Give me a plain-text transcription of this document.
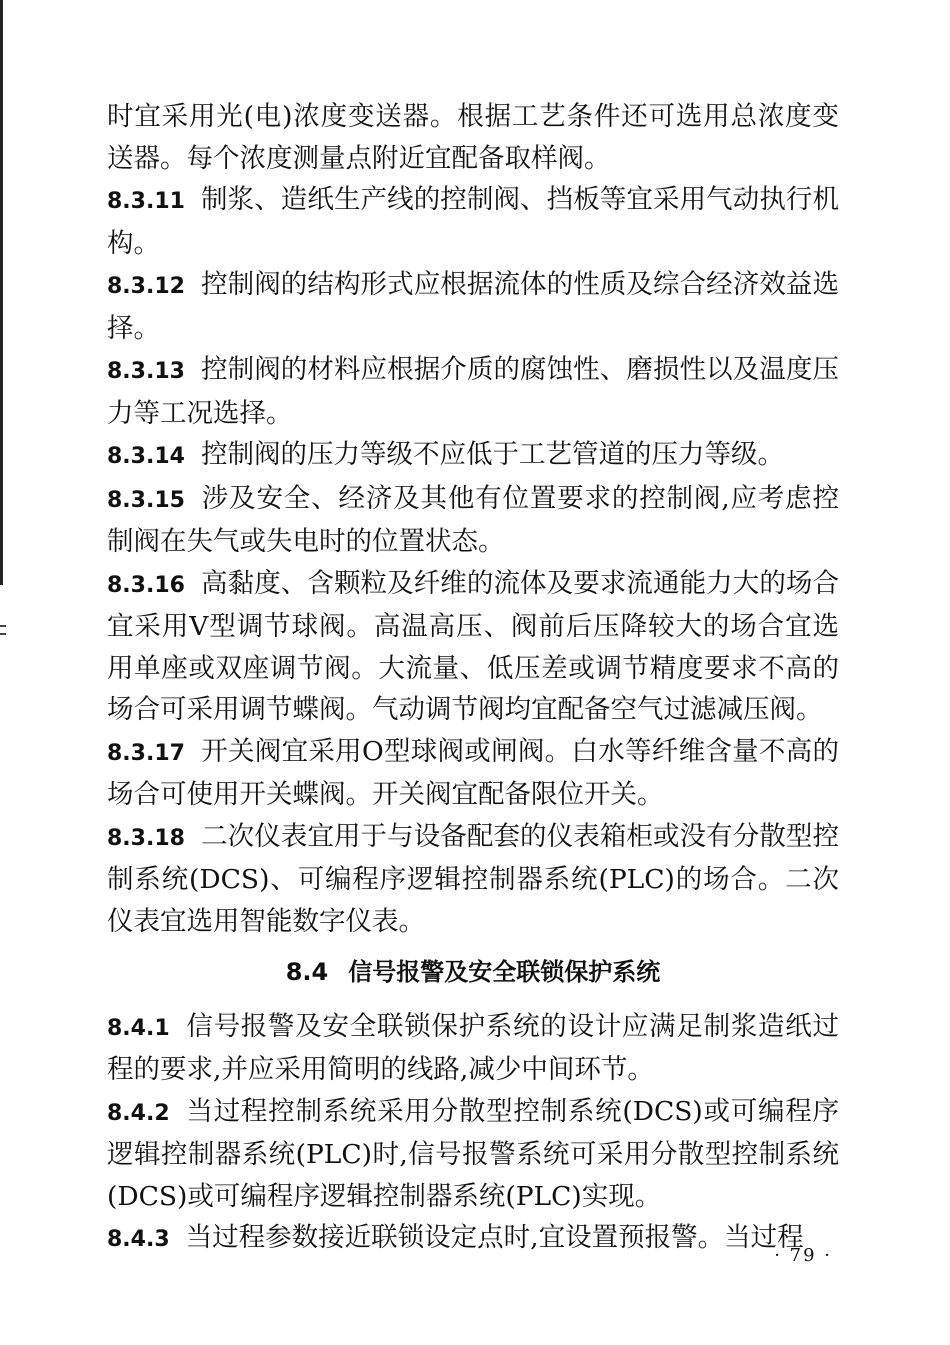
时宜采用光(电)浓度变送器。根据工艺条件还可选用总浓度变送器。每个浓度测量点附近宜配备取样阀。

8.3.11 制浆、造纸生产线的控制阀、挡板等宜采用气动执行机构。

8.3.12 控制阀的结构形式应根据流体的性质及综合经济效益选择。

8.3.13 控制阀的材料应根据介质的腐蚀性、磨损性以及温度压力等工况选择。

8.3.14 控制阀的压力等级不应低于工艺管道的压力等级。

8.3.15 涉及安全、经济及其他有位置要求的控制阀,应考虑控制阀在失气或失电时的位置状态。

8.3.16 高黏度、含颗粒及纤维的流体及要求流通能力大的场合宜采用V型调节球阀。高温高压、阀前后压降较大的场合宜选用单座或双座调节阀。大流量、低压差或调节精度要求不高的场合可采用调节蝶阀。气动调节阀均宜配备空气过滤减压阀。

8.3.17 开关阀宜采用O型球阀或闸阀。白水等纤维含量不高的场合可使用开关蝶阀。开关阀宜配备限位开关。

8.3.18 二次仪表宜用于与设备配套的仪表箱柜或没有分散型控制系统(DCS)、可编程序逻辑控制器系统(PLC)的场合。二次仪表宜选用智能数字仪表。

8.4 信号报警及安全联锁保护系统

8.4.1 信号报警及安全联锁保护系统的设计应满足制浆造纸过程的要求,并应采用简明的线路,减少中间环节。

8.4.2 当过程控制系统采用分散型控制系统(DCS)或可编程序逻辑控制器系统(PLC)时,信号报警系统可采用分散型控制系统(DCS)或可编程序逻辑控制器系统(PLC)实现。

8.4.3 当过程参数接近联锁设定点时,宜设置预报警。当过程

· 79 ·
